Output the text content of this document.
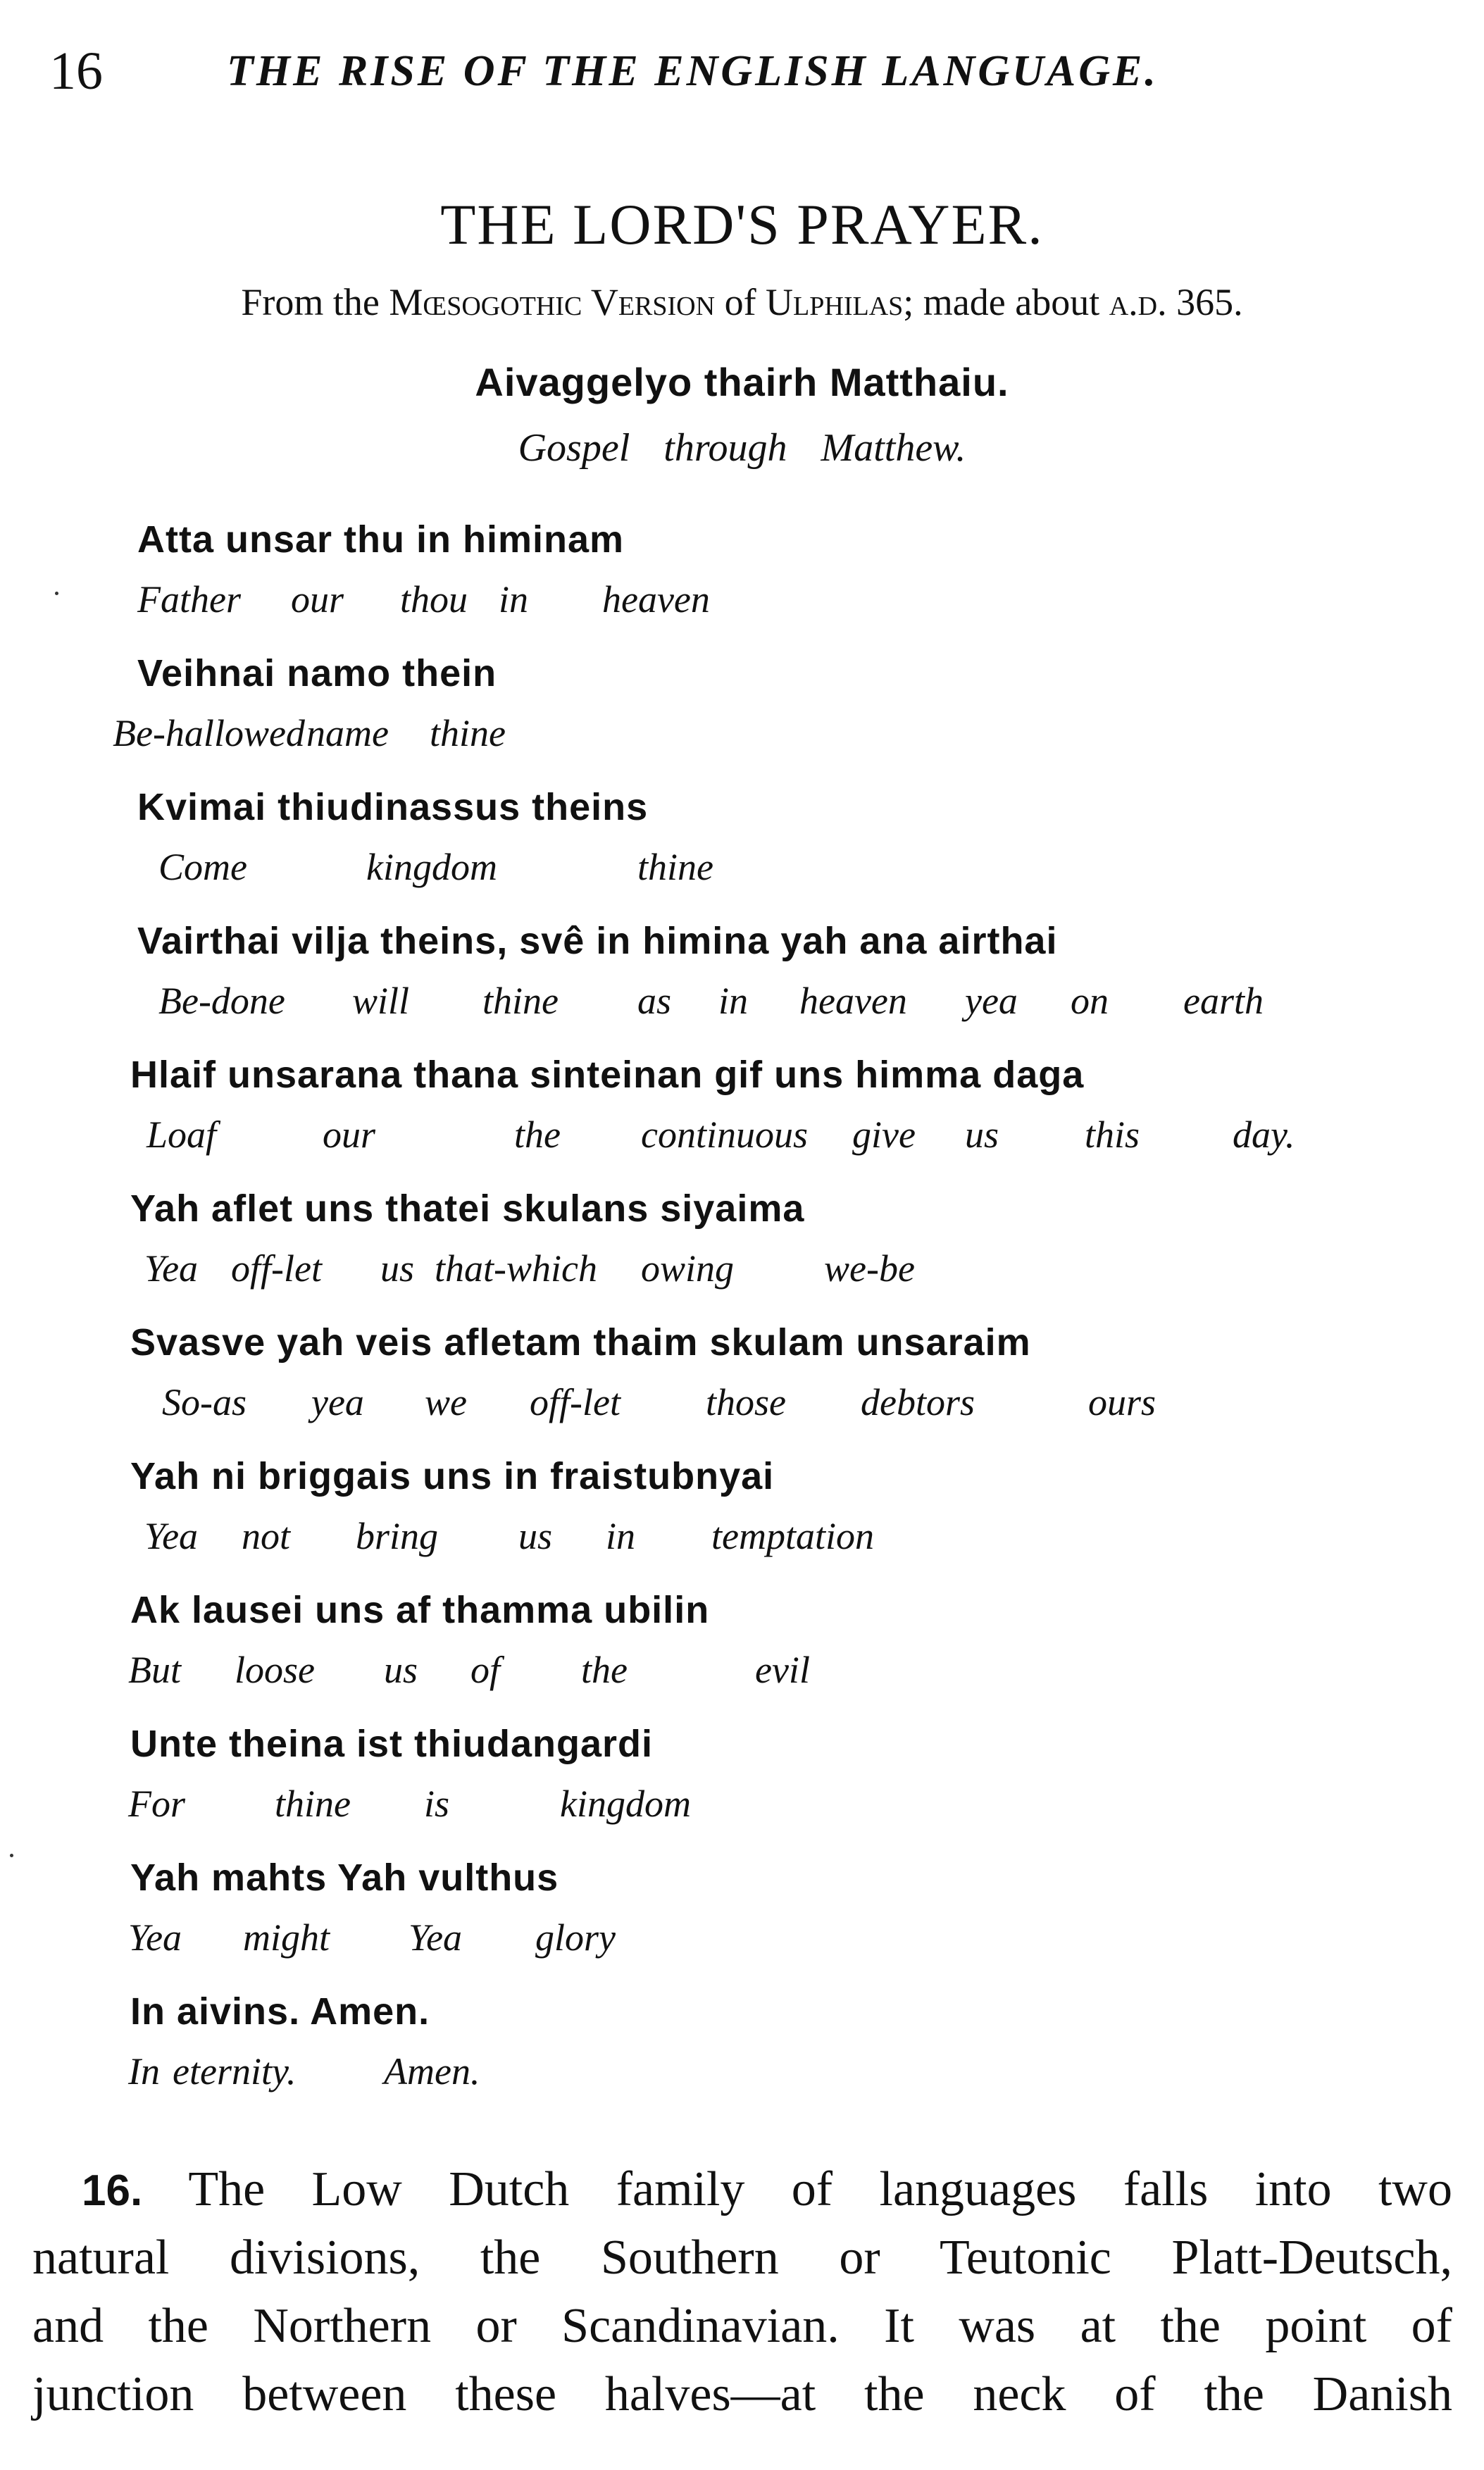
16	THE RISE OF THE ENGLISH LANGUAGE.
THE LORD'S PRAYER.
From the Mœsogothic Version of Ulphilas; made about a.d. 365.
Aivaggelyo thairh Matthaiu.
Gospel through Matthew.
Atta unsar thu in himinam
Father our thou in heaven
Veihnai namo thein
Be-hallowed name thine
Kvimai thiudinassus theins
Come	kingdom	thine
Vairthai vilja theins, svê in himina yah ana airthai
Be-done will thine as in heaven yea on earth
Hlaif unsarana thana sinteinan gif uns himma daga
Loaf	our	the continuous give us this day.
Yah aflet uns thatei skulans siyaima
Yea off-let us that-which owing we-be
Svasve yah veis afletam thaim skulam unsaraim
So-as yea we off-let those debtors	ours
Yah ni briggais uns in fraistubnyai
Yea not bring us in temptation
Ak lausei uns af thamma ubilin
But loose us of the	evil
Unte theina ist thiudangardi
For thine is	kingdom
Yah mahts Yah vulthus
Yea might Yea glory
In aivins. Amen.
In eternity. Amen.
16. The Low Dutch family of languages falls into two
natural divisions, the Southern or Teutonic Platt-Deutsch,
and the Northern or Scandinavian. It was at the point of
junction between these halves—at the neck of the Danish
